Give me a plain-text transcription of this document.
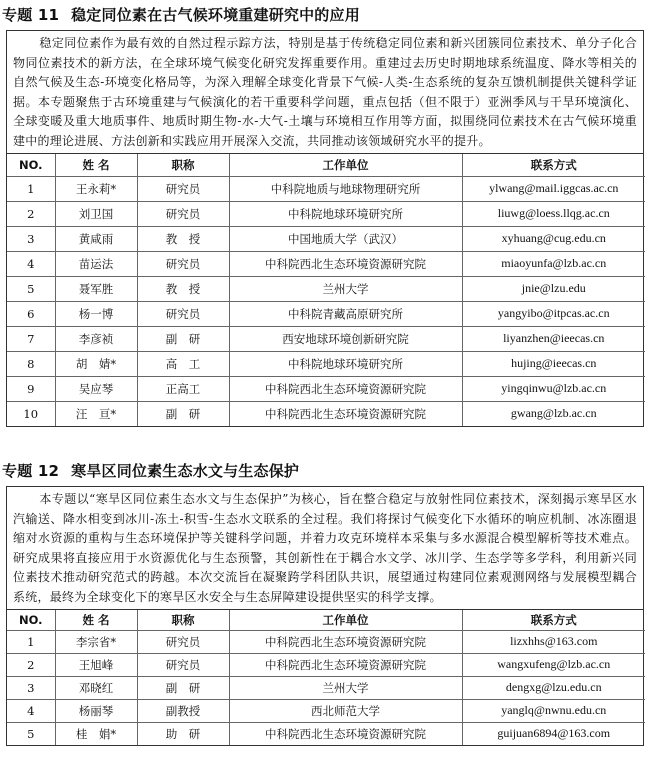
专题 11 稳定同位素在古气候环境重建研究中的应用
稳定同位素作为最有效的自然过程示踪方法，特别是基于传统稳定同位素和新兴团簇同位素技术、单分子化合物同位素技术的新方法，在全球环境气候变化研究发挥重要作用。重建过去历史时期地球系统温度、降水等相关的自然气候及生态-环境变化格局等，为深入理解全球变化背景下气候-人类-生态系统的复杂互馈机制提供关键科学证据。本专题聚焦于古环境重建与气候演化的若干重要科学问题，重点包括（但不限于）亚洲季风与干旱环境演化、全球变暖及重大地质事件、地质时期生物-水-大气-土壤与环境相互作用等方面，拟围绕同位素技术在古气候环境重建中的理论进展、方法创新和实践应用开展深入交流，共同推动该领域研究水平的提升。
NO.	姓 名	职称	工作单位	联系方式
1	王永莉*	研究员	中科院地质与地球物理研究所	ylwang@mail.iggcas.ac.cn
2	刘卫国	研究员	中科院地球环境研究所	liuwg@loess.llqg.ac.cn
3	黄咸雨	教　授	中国地质大学（武汉）	xyhuang@cug.edu.cn
4	苗运法	研究员	中科院西北生态环境资源研究院	miaoyunfa@lzb.ac.cn
5	聂军胜	教　授	兰州大学	jnie@lzu.edu
6	杨一博	研究员	中科院青藏高原研究所	yangyibo@itpcas.ac.cn
7	李彦祯	副　研	西安地球环境创新研究院	liyanzhen@ieecas.cn
8	胡　婧*	高　工	中科院地球环境研究所	hujing@ieecas.cn
9	吴应琴	正高工	中科院西北生态环境资源研究院	yingqinwu@lzb.ac.cn
10	汪　亘*	副　研	中科院西北生态环境资源研究院	gwang@lzb.ac.cn
专题 12 寒旱区同位素生态水文与生态保护
本专题以“寒旱区同位素生态水文与生态保护”为核心，旨在整合稳定与放射性同位素技术，深刻揭示寒旱区水汽输送、降水相变到冰川-冻土-积雪-生态水文联系的全过程。我们将探讨气候变化下水循环的响应机制、冰冻圈退缩对水资源的重构与生态环境保护等关键科学问题，并着力攻克环境样本采集与多水源混合模型解析等技术难点。研究成果将直接应用于水资源优化与生态预警，其创新性在于耦合水文学、冰川学、生态学等多学科，利用新兴同位素技术推动研究范式的跨越。本次交流旨在凝聚跨学科团队共识，展望通过构建同位素观测网络与发展模型耦合系统，最终为全球变化下的寒旱区水安全与生态屏障建设提供坚实的科学支撑。
NO.	姓 名	职称	工作单位	联系方式
1	李宗省*	研究员	中科院西北生态环境资源研究院	lizxhhs@163.com
2	王旭峰	研究员	中科院西北生态环境资源研究院	wangxufeng@lzb.ac.cn
3	邓晓红	副　研	兰州大学	dengxg@lzu.edu.cn
4	杨丽琴	副教授	西北师范大学	yanglq@nwnu.edu.cn
5	桂　娟*	助　研	中科院西北生态环境资源研究院	guijuan6894@163.com
